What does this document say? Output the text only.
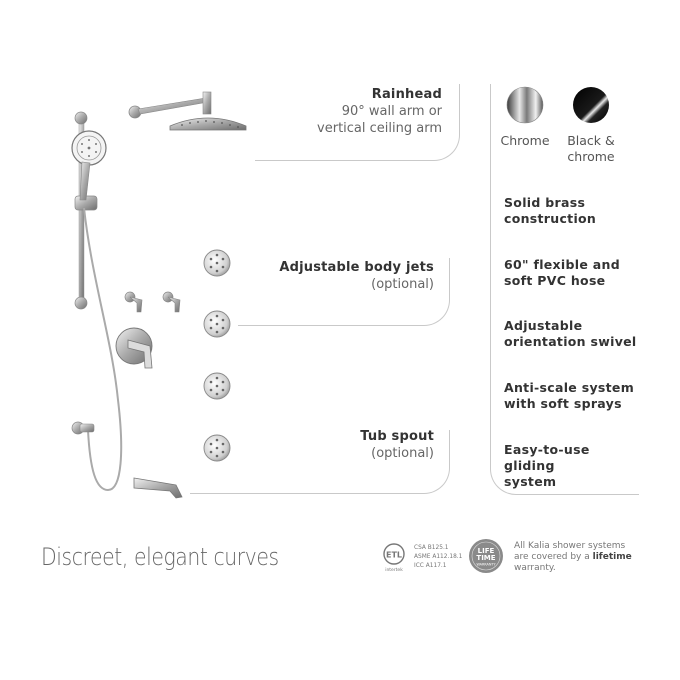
Rainhead
90° wall arm or
vertical ceiling arm
Adjustable body jets
(optional)
Tub spout
(optional)
Chrome Black &
chrome
Solid brass
construction
60" flexible and
soft PVC hose
Adjustable
orientation swivel
Anti-scale system
with soft sprays
Easy-to-use gliding
system
Discreet, elegant curves	ETL
intertek
CSA B125.1
ASME A112.18.1
ICC A117.1
LIFE
TIME
WARRANTY
All Kalia shower systems
are covered by a lifetime
warranty.
